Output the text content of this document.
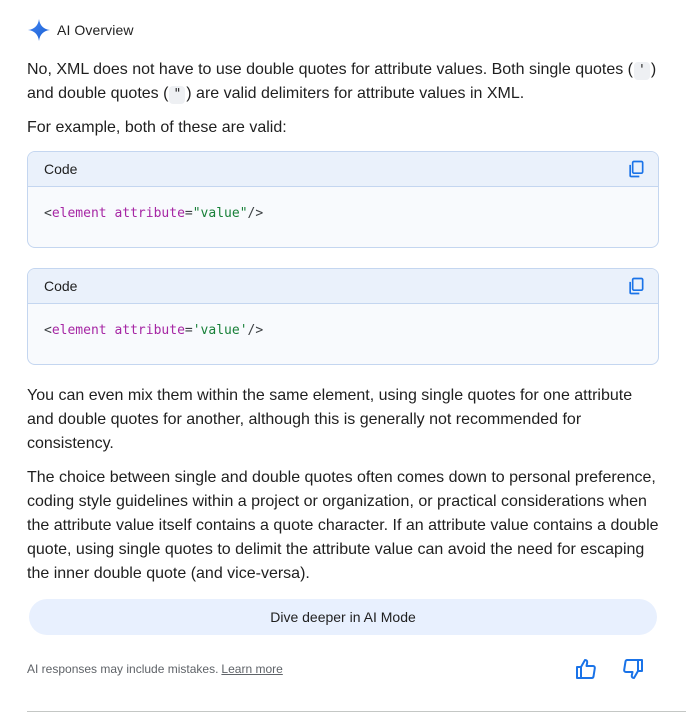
AI Overview

No, XML does not have to use double quotes for attribute values. Both single quotes ( ' ) and double quotes ( " ) are valid delimiters for attribute values in XML.

For example, both of these are valid:

Code
<element attribute="value"/>
Code
<element attribute='value'/>

You can even mix them within the same element, using single quotes for one attribute and double quotes for another, although this is generally not recommended for consistency.

The choice between single and double quotes often comes down to personal preference, coding style guidelines within a project or organization, or practical considerations when the attribute value itself contains a quote character. If an attribute value contains a double quote, using single quotes to delimit the attribute value can avoid the need for escaping the inner double quote (and vice-versa).

Dive deeper in AI Mode
AI responses may include mistakes. Learn more
